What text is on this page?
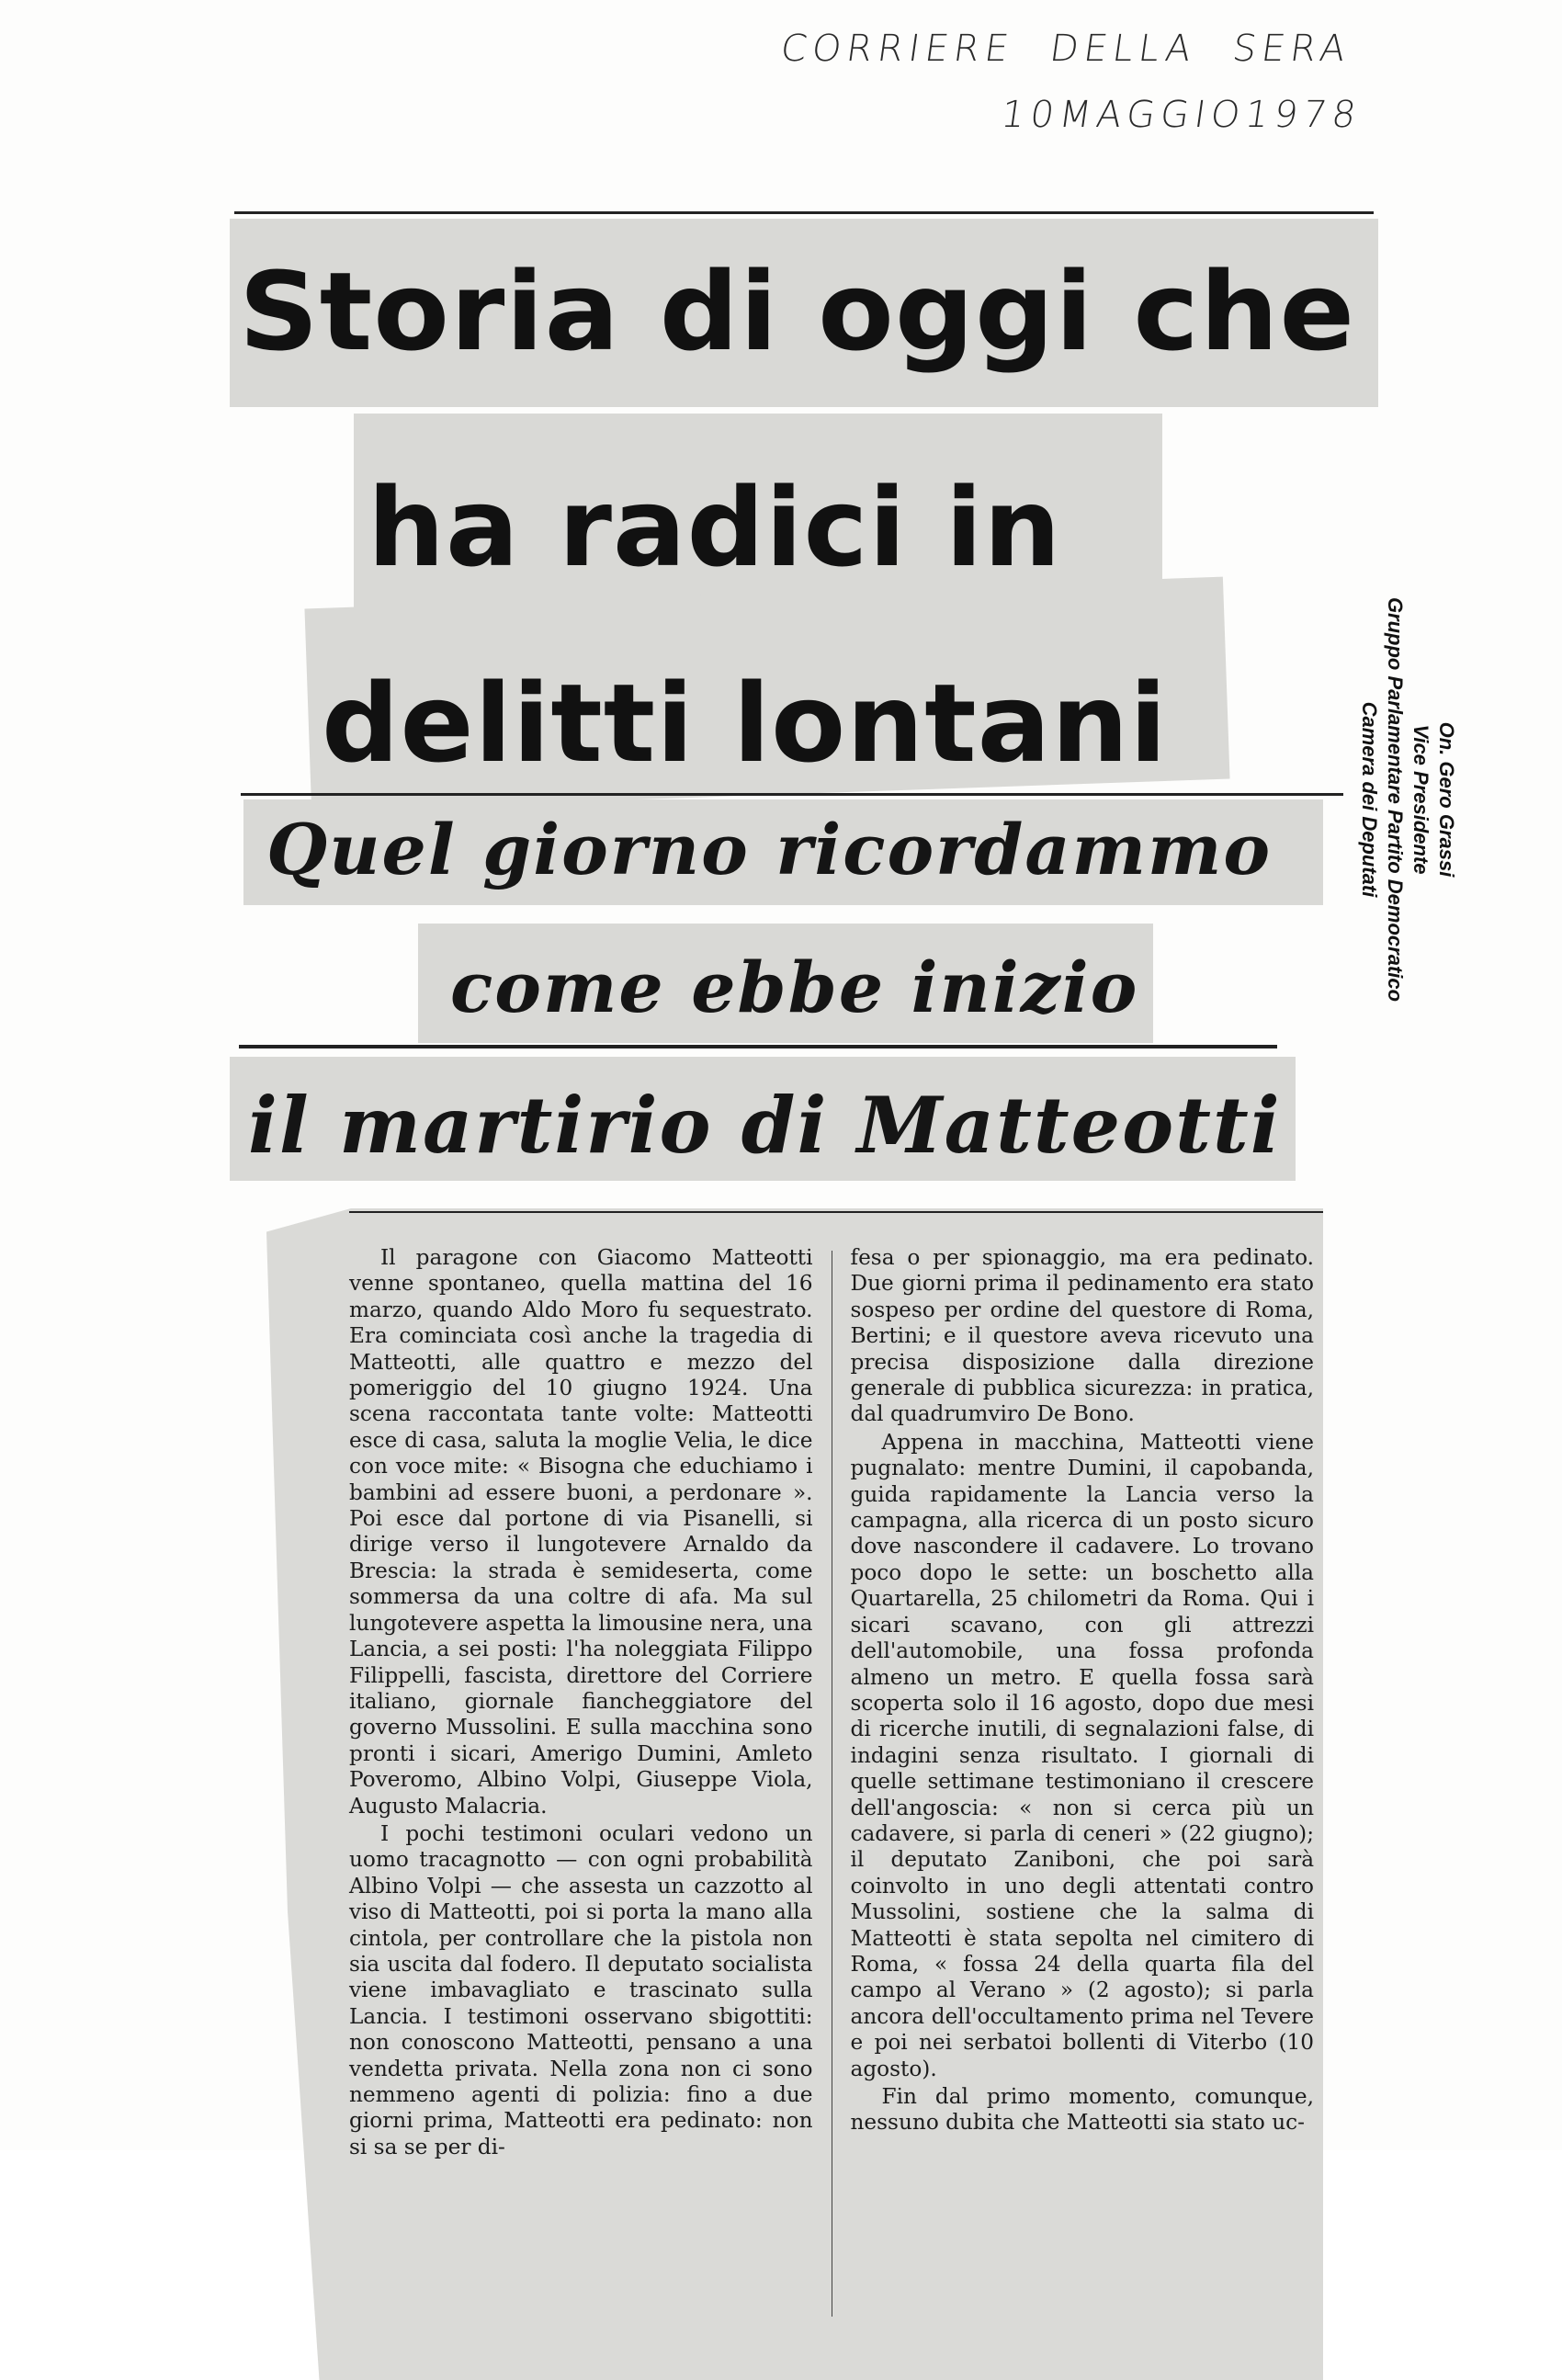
CORRIERE DELLA SERA
10
MAGGIO
1978
On. Gero Grassi
Vice Presidente
Gruppo Parlamentare Partito Democratico
Camera dei Deputati
Storia di oggi che
ha radici in
delitti lontani
Quel giorno ricordammo
come ebbe inizio
il martirio di Matteotti

Il paragone con Giacomo Matteotti venne spontaneo, quella mattina del 16 marzo, quando Aldo Moro fu sequestrato. Era cominciata così anche la tragedia di Matteotti, alle quattro e mezzo del pomeriggio del 10 giugno 1924. Una scena raccontata tante volte: Matteotti esce di casa, saluta la moglie Velia, le dice con voce mite: « Bisogna che educhiamo i bambini ad essere buoni, a perdonare ». Poi esce dal portone di via Pisanelli, si dirige verso il lungotevere Arnaldo da Brescia: la strada è semideserta, come sommersa da una coltre di afa. Ma sul lungotevere aspetta la limousine nera, una Lancia, a sei posti: l'ha noleggiata Filippo Filippelli, fascista, direttore del Corriere italiano, giornale fiancheggiatore del governo Mussolini. E sulla macchina sono pronti i sicari, Amerigo Dumini, Amleto Poveromo, Albino Volpi, Giuseppe Viola, Augusto Malacria.

I pochi testimoni oculari vedono un uomo tracagnotto — con ogni probabilità Albino Volpi — che assesta un cazzotto al viso di Matteotti, poi si porta la mano alla cintola, per controllare che la pistola non sia uscita dal fodero. Il deputato socialista viene imbavagliato e trascinato sulla Lancia. I testimoni osservano sbigottiti: non conoscono Matteotti, pensano a una vendetta privata. Nella zona non ci sono nemmeno agenti di polizia: fino a due giorni prima, Matteotti era pedinato: non si sa se per di-

fesa o per spionaggio, ma era pedinato. Due giorni prima il pedinamento era stato sospeso per ordine del questore di Roma, Bertini; e il questore aveva ricevuto una precisa disposizione dalla direzione generale di pubblica sicurezza: in pratica, dal quadrumviro De Bono.

Appena in macchina, Matteotti viene pugnalato: mentre Dumini, il capobanda, guida rapidamente la Lancia verso la campagna, alla ricerca di un posto sicuro dove nascondere il cadavere. Lo trovano poco dopo le sette: un boschetto alla Quartarella, 25 chilometri da Roma. Qui i sicari scavano, con gli attrezzi dell'automobile, una fossa profonda almeno un metro. E quella fossa sarà scoperta solo il 16 agosto, dopo due mesi di ricerche inutili, di segnalazioni false, di indagini senza risultato. I giornali di quelle settimane testimoniano il crescere dell'angoscia: « non si cerca più un cadavere, si parla di ceneri » (22 giugno); il deputato Zaniboni, che poi sarà coinvolto in uno degli attentati contro Mussolini, sostiene che la salma di Matteotti è stata sepolta nel cimitero di Roma, « fossa 24 della quarta fila del campo al Verano » (2 agosto); si parla ancora dell'occultamento prima nel Tevere e poi nei serbatoi bollenti di Viterbo (10 agosto).

Fin dal primo momento, comunque, nessuno dubita che Matteotti sia stato uc-
